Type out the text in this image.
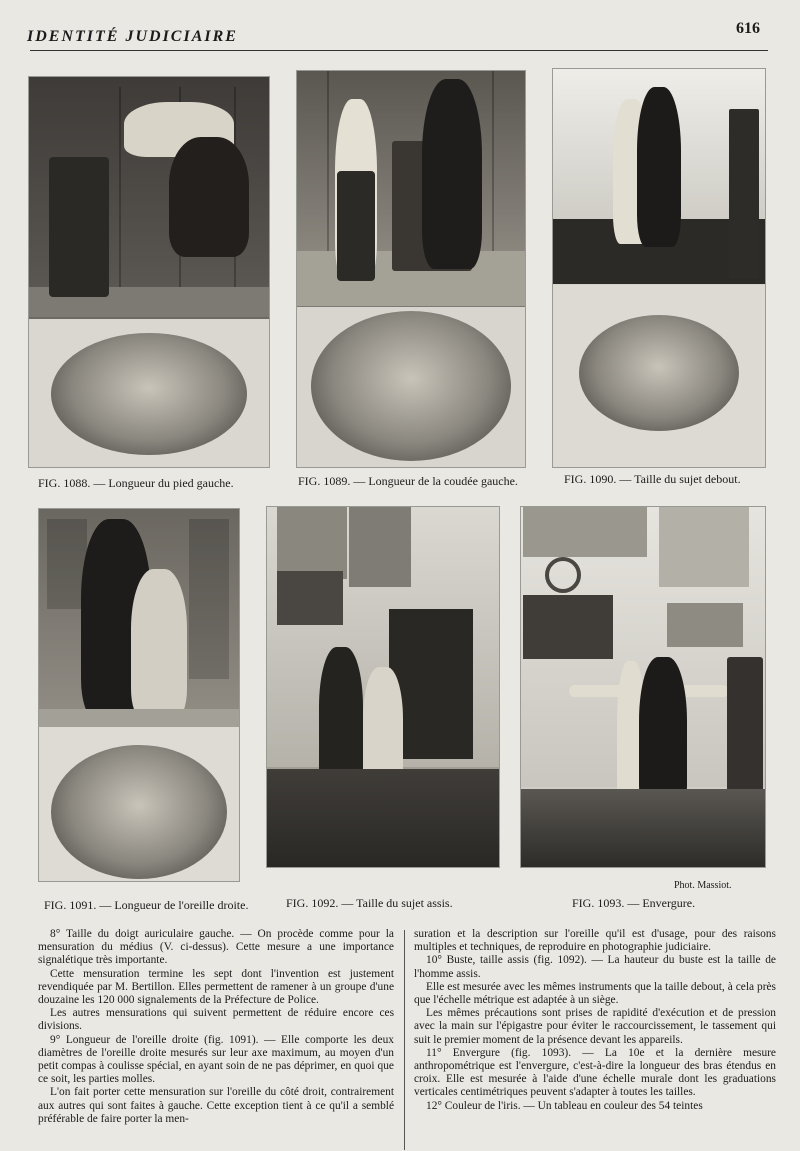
IDENTITÉ JUDICIAIRE	616
FIG. 1088. — Longueur du pied gauche.	FIG. 1089. — Longueur de la coudée gauche.	FIG. 1090. — Taille du sujet debout.
FIG. 1091. — Longueur de l'oreille droite.	FIG. 1092. — Taille du sujet assis.
Phot. Massiot.
FIG. 1093. — Envergure.

8° Taille du doigt auriculaire gauche. — On procède comme pour la mensuration du médius (V. ci-dessus). Cette mesure a une importance signalétique très importante.

Cette mensuration termine les sept dont l'invention est justement revendiquée par M. Bertillon. Elles permettent de ramener à un groupe d'une douzaine les 120 000 signalements de la Préfecture de Police.

Les autres mensurations qui suivent permettent de réduire encore ces divisions.

9° Longueur de l'oreille droite (fig. 1091). — Elle comporte les deux diamètres de l'oreille droite mesurés sur leur axe maximum, au moyen d'un petit compas à coulisse spécial, en ayant soin de ne pas déprimer, en quoi que ce soit, les parties molles.

L'on fait porter cette mensuration sur l'oreille du côté droit, contrairement aux autres qui sont faites à gauche. Cette exception tient à ce qu'il a semblé préférable de faire porter la men-

suration et la description sur l'oreille qu'il est d'usage, pour des raisons multiples et techniques, de reproduire en photographie judiciaire.

10° Buste, taille assis (fig. 1092). — La hauteur du buste est la taille de l'homme assis.

Elle est mesurée avec les mêmes instruments que la taille debout, à cela près que l'échelle métrique est adaptée à un siège.

Les mêmes précautions sont prises de rapidité d'exécution et de pression avec la main sur l'épigastre pour éviter le raccourcissement, le tassement qui suit le premier moment de la présence devant les appareils.

11° Envergure (fig. 1093). — La 10e et la dernière mesure anthropométrique est l'envergure, c'est-à-dire la longueur des bras étendus en croix. Elle est mesurée à l'aide d'une échelle murale dont les graduations verticales centimétriques peuvent s'adapter à toutes les tailles.

12° Couleur de l'iris. — Un tableau en couleur des 54 teintes
